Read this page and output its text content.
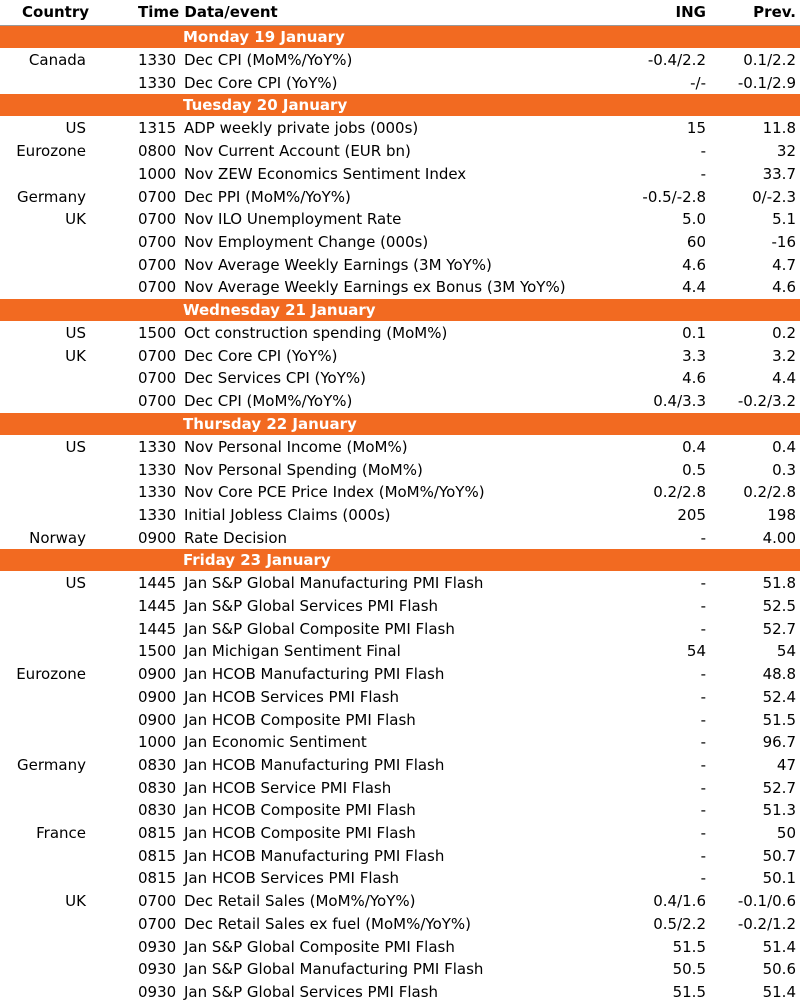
Country	Time Data/event	ING	Prev.
Monday 19 January
Canada	1330 Dec CPI (MoM%/YoY%)	-0.4/2.2 0.1/2.2
1330 Dec Core CPI (YoY%)	-/- -0.1/2.9
Tuesday 20 January
US	1315 ADP weekly private jobs (000s)	15	11.8
Eurozone	0800 Nov Current Account (EUR bn)	-	32
1000 Nov ZEW Economics Sentiment Index	-	33.7
Germany	0700 Dec PPI (MoM%/YoY%)	-0.5/-2.8	0/-2.3
UK	0700 Nov ILO Unemployment Rate	5.0	5.1
0700 Nov Employment Change (000s)	60	-16
0700 Nov Average Weekly Earnings (3M YoY%)	4.6	4.7
0700 Nov Average Weekly Earnings ex Bonus (3M YoY%)	4.4	4.6
Wednesday 21 January
US	1500 Oct construction spending (MoM%)	0.1	0.2
UK	0700 Dec Core CPI (YoY%)	3.3	3.2
0700 Dec Services CPI (YoY%)	4.6	4.4
0700 Dec CPI (MoM%/YoY%)	0.4/3.3 -0.2/3.2
Thursday 22 January
US	1330 Nov Personal Income (MoM%)	0.4	0.4
1330 Nov Personal Spending (MoM%)	0.5	0.3
1330 Nov Core PCE Price Index (MoM%/YoY%)	0.2/2.8 0.2/2.8
1330 Initial Jobless Claims (000s)	205	198
Norway	0900 Rate Decision	-	4.00
Friday 23 January
US	1445 Jan S&P Global Manufacturing PMI Flash	-	51.8
1445 Jan S&P Global Services PMI Flash	-	52.5
1445 Jan S&P Global Composite PMI Flash	-	52.7
1500 Jan Michigan Sentiment Final	54	54
Eurozone	0900 Jan HCOB Manufacturing PMI Flash	-	48.8
0900 Jan HCOB Services PMI Flash	-	52.4
0900 Jan HCOB Composite PMI Flash	-	51.5
1000 Jan Economic Sentiment	-	96.7
Germany	0830 Jan HCOB Manufacturing PMI Flash	-	47
0830 Jan HCOB Service PMI Flash	-	52.7
0830 Jan HCOB Composite PMI Flash	-	51.3
France	0815 Jan HCOB Composite PMI Flash	-	50
0815 Jan HCOB Manufacturing PMI Flash	-	50.7
0815 Jan HCOB Services PMI Flash	-	50.1
UK	0700 Dec Retail Sales (MoM%/YoY%)	0.4/1.6 -0.1/0.6
0700 Dec Retail Sales ex fuel (MoM%/YoY%)	0.5/2.2 -0.2/1.2
0930 Jan S&P Global Composite PMI Flash	51.5	51.4
0930 Jan S&P Global Manufacturing PMI Flash	50.5	50.6
0930 Jan S&P Global Services PMI Flash	51.5	51.4
